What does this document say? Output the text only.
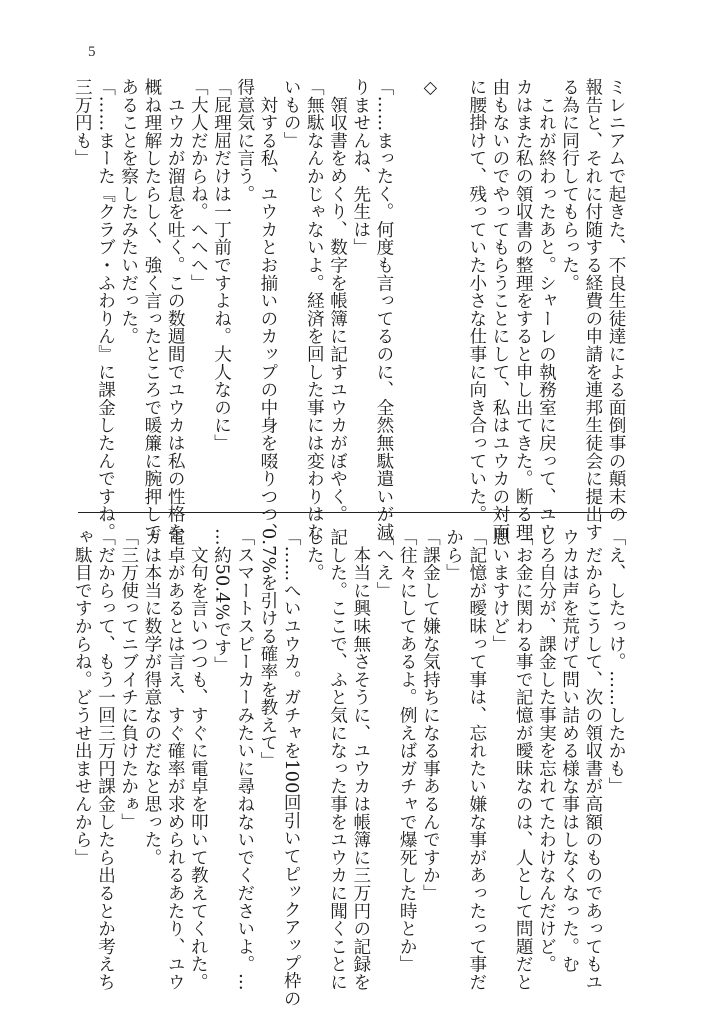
5
ミレニアムで起きた、不良生徒達による面倒事の顛末の
報告と、それに付随する経費の申請を連邦生徒会に提出す
る為に同行してもらった。
　これが終わったあと。シャーレの執務室に戻って、ユウ
カはまた私の領収書の整理をすると申し出てきた。断る理
由もないのでやってもらうことにして、私はユウカの対面
に腰掛けて、残っていた小さな仕事に向き合っていた。

◇

「……まったく。何度も言ってるのに、全然無駄遣いが減
りませんね、先生は」
　領収書をめくり、数字を帳簿に記すユウカがぼやく。
「無駄なんかじゃないよ。経済を回した事には変わりはな
いもの」
　対する私、ユウカとお揃いのカップの中身を啜りつつ、
得意気に言う。
「屁理屈だけは一丁前ですよね。大人なのに」
「大人だからね。へへへ」
　ユウカが溜息を吐く。この数週間でユウカは私の性格を
概ね理解したらしく、強く言ったところで暖簾に腕押しで
あることを察したみたいだった。
「……まーた『クラブ・ふわりん』に課金したんですね。
三万円も」
「え、したっけ。……したかも」
　だからこうして、次の領収書が高額のものであってもユ
ウカは声を荒げて問い詰める様な事はしなくなった。む
しろ自分が、課金した事実を忘れてたわけなんだけど。
「お金に関わる事で記憶が曖昧なのは、人として問題だと
思いますけど」
「記憶が曖昧って事は、忘れたい嫌な事があったって事だ
から」
「課金して嫌な気持ちになる事あるんですか」
「往々にしてあるよ。例えばガチャで爆死した時とか」
「へえ」
　本当に興味無さそうに、ユウカは帳簿に三万円の記録を
記した。ここで、ふと気になった事をユウカに聞くことに
した。
「……へいユウカ。ガチャを100回引いてピックアップ枠の
0.7%を引ける確率を教えて」
「スマートスピーカーみたいに尋ねないでくださいよ。…
…約50.4%です」
　文句を言いつつも、すぐに電卓を叩いて教えてくれた。
電卓があるとは言え、すぐ確率が求められるあたり、ユウ
カは本当に数学が得意なのだなと思った。
「三万使ってニブイチに負けたかぁ」
「だからって、もう一回三万円課金したら出るとか考えち
ゃ駄目ですからね。どうせ出ませんから」
